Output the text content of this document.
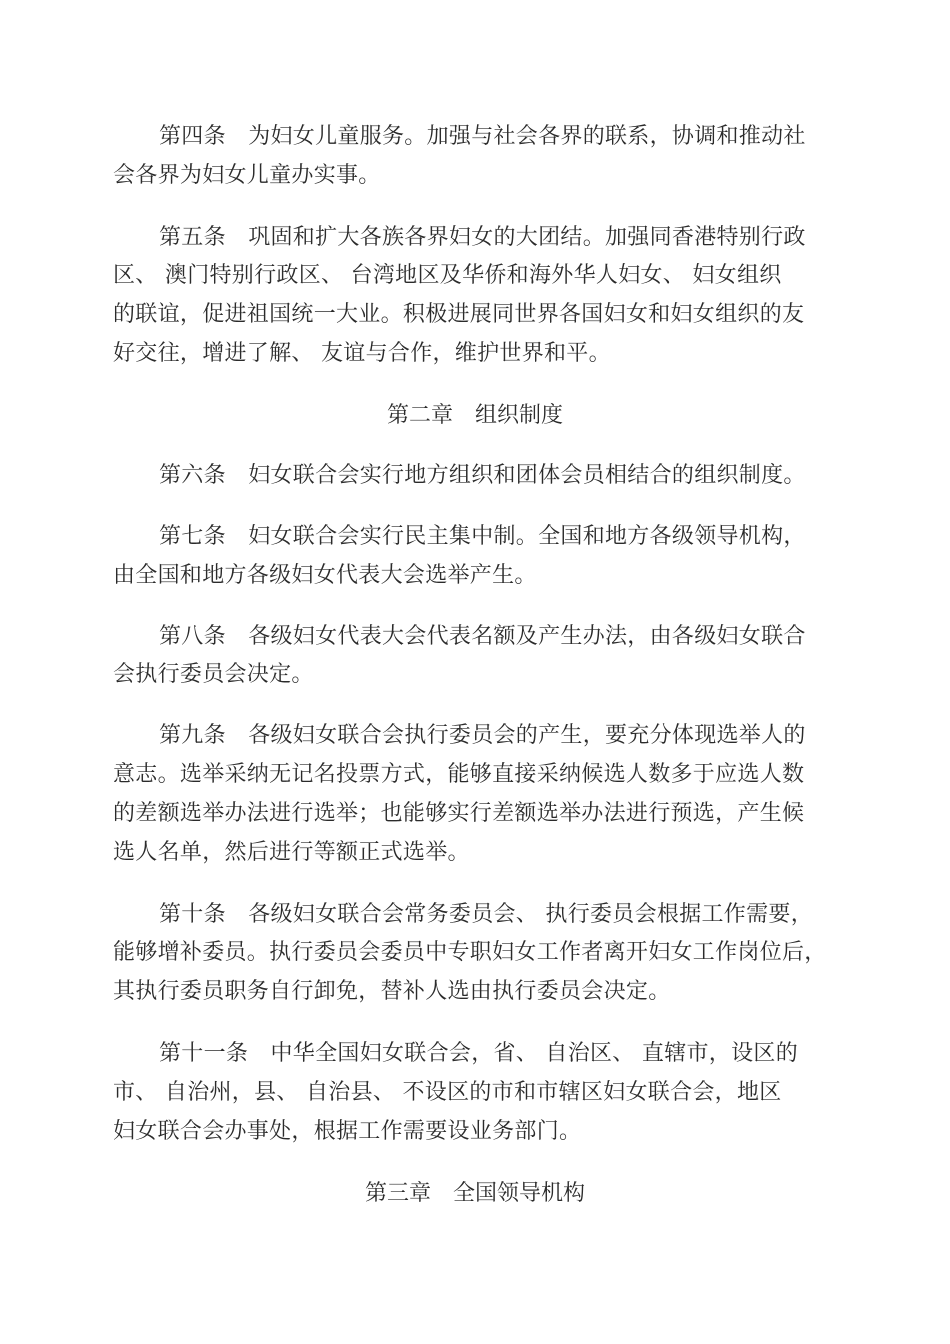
第四条　为妇女儿童服务。加强与社会各界的联系，协调和推动社
会各界为妇女儿童办实事。
第五条　巩固和扩大各族各界妇女的大团结。加强同香港特别行政
区、 澳门特别行政区、 台湾地区及华侨和海外华人妇女、 妇女组织
的联谊，促进祖国统一大业。积极进展同世界各国妇女和妇女组织的友
好交往，增进了解、 友谊与合作，维护世界和平。
第二章　组织制度
第六条　妇女联合会实行地方组织和团体会员相结合的组织制度。
第七条　妇女联合会实行民主集中制。全国和地方各级领导机构，
由全国和地方各级妇女代表大会选举产生。
第八条　各级妇女代表大会代表名额及产生办法，由各级妇女联合
会执行委员会决定。
第九条　各级妇女联合会执行委员会的产生，要充分体现选举人的
意志。选举采纳无记名投票方式，能够直接采纳候选人数多于应选人数
的差额选举办法进行选举；也能够实行差额选举办法进行预选，产生候
选人名单，然后进行等额正式选举。
第十条　各级妇女联合会常务委员会、 执行委员会根据工作需要，
能够增补委员。执行委员会委员中专职妇女工作者离开妇女工作岗位后，
其执行委员职务自行卸免，替补人选由执行委员会决定。
第十一条　中华全国妇女联合会，省、 自治区、 直辖市，设区的
市、 自治州，县、 自治县、 不设区的市和市辖区妇女联合会，地区
妇女联合会办事处，根据工作需要设业务部门。
第三章　全国领导机构
